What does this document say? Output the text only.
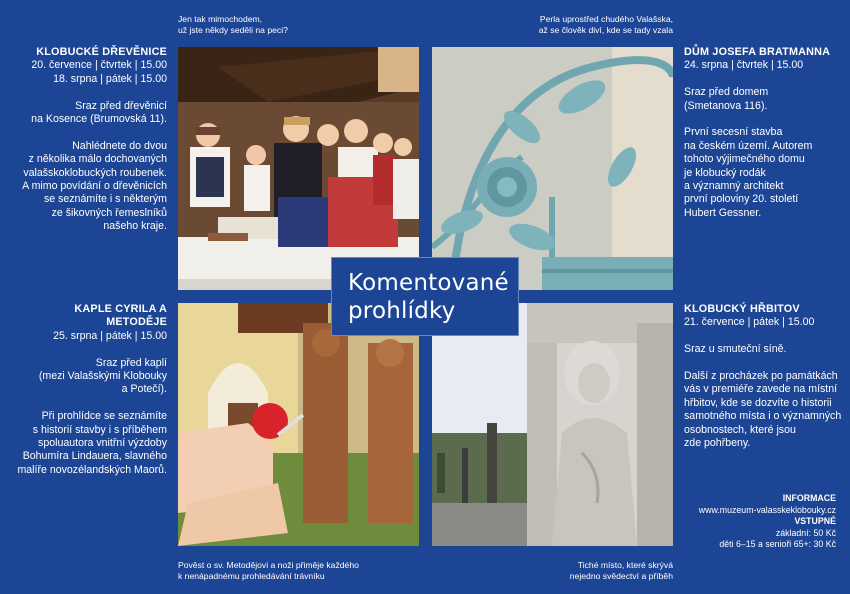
Jen tak mimochodem,
už jste někdy seděli na peci?
Perla uprostřed chudého Valašska,
až se člověk diví, kde se tady vzala
Pověst o sv. Metodějovi a noži přiměje každého
k nenápadnému prohledávání trávníku
Tiché místo, které skrývá
nejedno svědectví a příběh
Komentované
prohlídky
KLOBUCKÉ DŘEVĚNICE

20. července | čtvrtek | 15.00
18. srpna | pátek | 15.00

Sraz před dřevěnicí
na Kosence (Brumovská 11).

Nahlédnete do dvou
z několika málo dochovaných
valašskoklobuckých roubenek.
A mimo povídání o dřevěnicích
se seznámíte i s některým
ze šikovných řemeslníků
našeho kraje.

KAPLE CYRILA A METODĚJE

25. srpna | pátek | 15.00

Sraz před kaplí
(mezi Valašskými Klobouky
a Potečí).

Při prohlídce se seznámíte
s historií stavby i s příběhem
spoluautora vnitřní výzdoby
Bohumíra Lindauera, slavného
malíře novozélandských Maorů.

DŮM JOSEFA BRATMANNA

24. srpna | čtvrtek | 15.00

Sraz před domem
(Smetanova 116).

První secesní stavba
na českém území. Autorem
tohoto výjimečného domu
je klobucký rodák
a významný architekt
první poloviny 20. století
Hubert Gessner.

KLOBUCKÝ HŘBITOV

21. července | pátek | 15.00

Sraz u smuteční síně.

Další z procházek po památkách
vás v premiéře zavede na místní
hřbitov, kde se dozvíte o historii
samotného místa i o významných
osobnostech, které jsou
zde pohřbeny.

INFORMACE
www.muzeum-valasskeklobouky.cz
VSTUPNÉ
základní: 50 Kč
děti 6–15 a senioři 65+: 30 Kč
